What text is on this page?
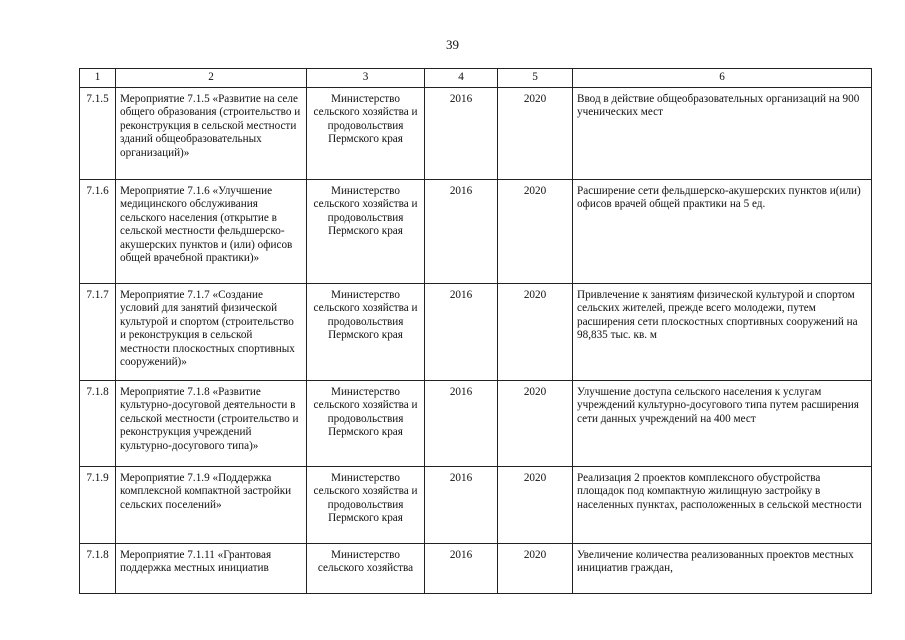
39
1	2	3	4	5	6
7.1.5	Мероприятие 7.1.5 «Развитие на селе общего образования (строительство и реконструкция в сельской местности зданий общеобразовательных организаций)»	Министерство сельского хозяйства и продовольствия Пермского края	2016	2020	Ввод в действие общеобразовательных организаций на 900 ученических мест
7.1.6	Мероприятие 7.1.6 «Улучшение медицинского обслуживания сельского населения (открытие в сельской местности фельдшерско-акушерских пунктов и (или) офисов общей врачебной практики)»	Министерство сельского хозяйства и продовольствия Пермского края	2016	2020	Расширение сети фельдшерско-акушерских пунктов и(или) офисов врачей общей практики на 5 ед.
7.1.7	Мероприятие 7.1.7 «Создание условий для занятий физической культурой и спортом (строительство и реконструкция в сельской местности плоскостных спортивных сооружений)»	Министерство сельского хозяйства и продовольствия Пермского края	2016	2020	Привлечение к занятиям физической культурой и спортом сельских жителей, прежде всего молодежи, путем расширения сети плоскостных спортивных сооружений на 98,835 тыс. кв. м
7.1.8	Мероприятие 7.1.8 «Развитие культурно-досуговой деятельности в сельской местности (строительство и реконструкция учреждений культурно-досугового типа)»	Министерство сельского хозяйства и продовольствия Пермского края	2016	2020	Улучшение доступа сельского населения к услугам учреждений культурно-досугового типа путем расширения сети данных учреждений на 400 мест
7.1.9	Мероприятие 7.1.9 «Поддержка комплексной компактной застройки сельских поселений»	Министерство сельского хозяйства и продовольствия Пермского края	2016	2020	Реализация 2 проектов комплексного обустройства площадок под компактную жилищную застройку в населенных пунктах, расположенных в сельской местности
7.1.8	Мероприятие 7.1.11 «Грантовая поддержка местных инициатив	Министерство сельского хозяйства	2016	2020	Увеличение количества реализованных проектов местных инициатив граждан,
